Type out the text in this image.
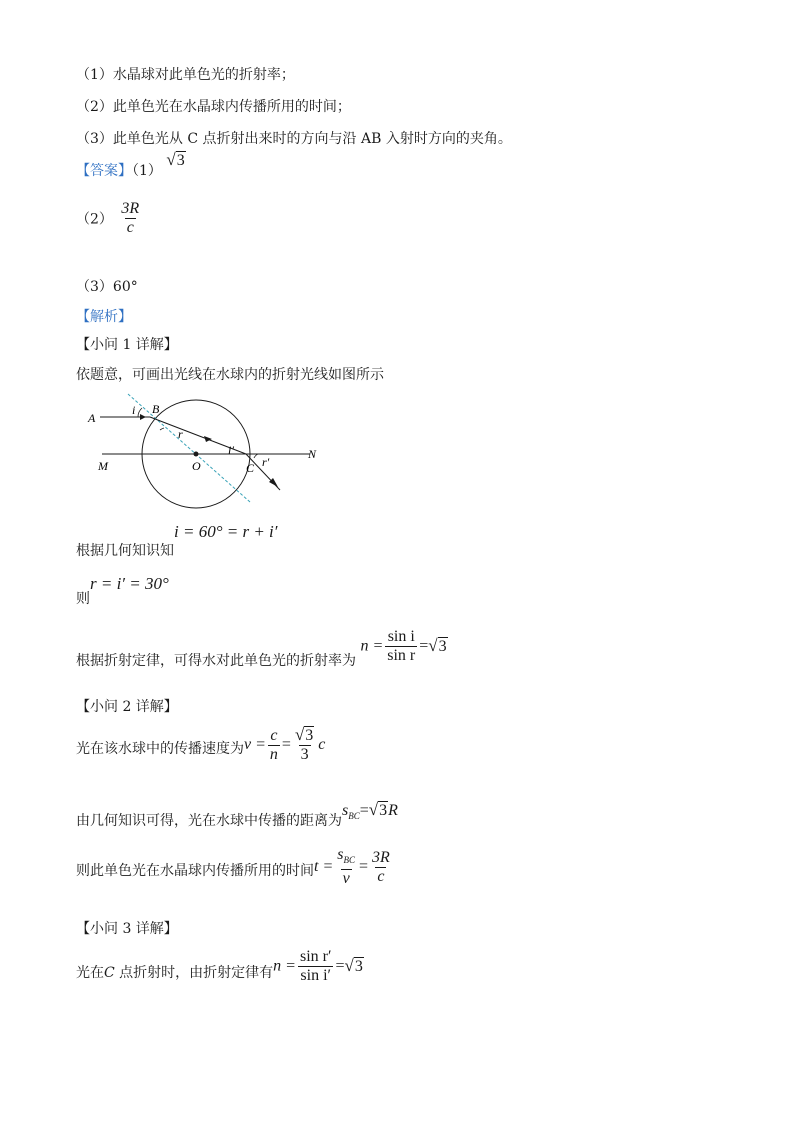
（1）水晶球对此单色光的折射率；
（2）此单色光在水晶球内传播所用的时间；
（3）此单色光从 C 点折射出来时的方向与沿 AB 入射时方向的夹角。
【答案】（1）
√ 3
$(2) \frac{3R}{c}$
（3）60°
【解析】
【小问 1 详解】
依题意，可画出光线在水球内的折射光线如图所示
A
B
i
r
i′
r′
M
N
O	C
根据几何知识知i = 60° = r + i′
则r = i′ = 30°
根据折射定律，可得水对此单色光的折射率为 $n = \frac{\text{sin i}}{\text{sin r}}$ = √ 3
【小问 2 详解】
光在该水球中的传播速度为$v = \frac{c}{n} = \frac{√ 3}{3}$ c
由几何知识可得，光在水球中传播的距离为$s_{BC}=$ √ 3 R
则此单色光在水晶球内传播所用的时间$t = \frac{s_{BC}}{v} = \frac{3R}{c}$
【小问 3 详解】
光在C 点折射时，由折射定律有$n = \frac{\text{sin r′}}{\text{sin i′}}$ = √ 3
